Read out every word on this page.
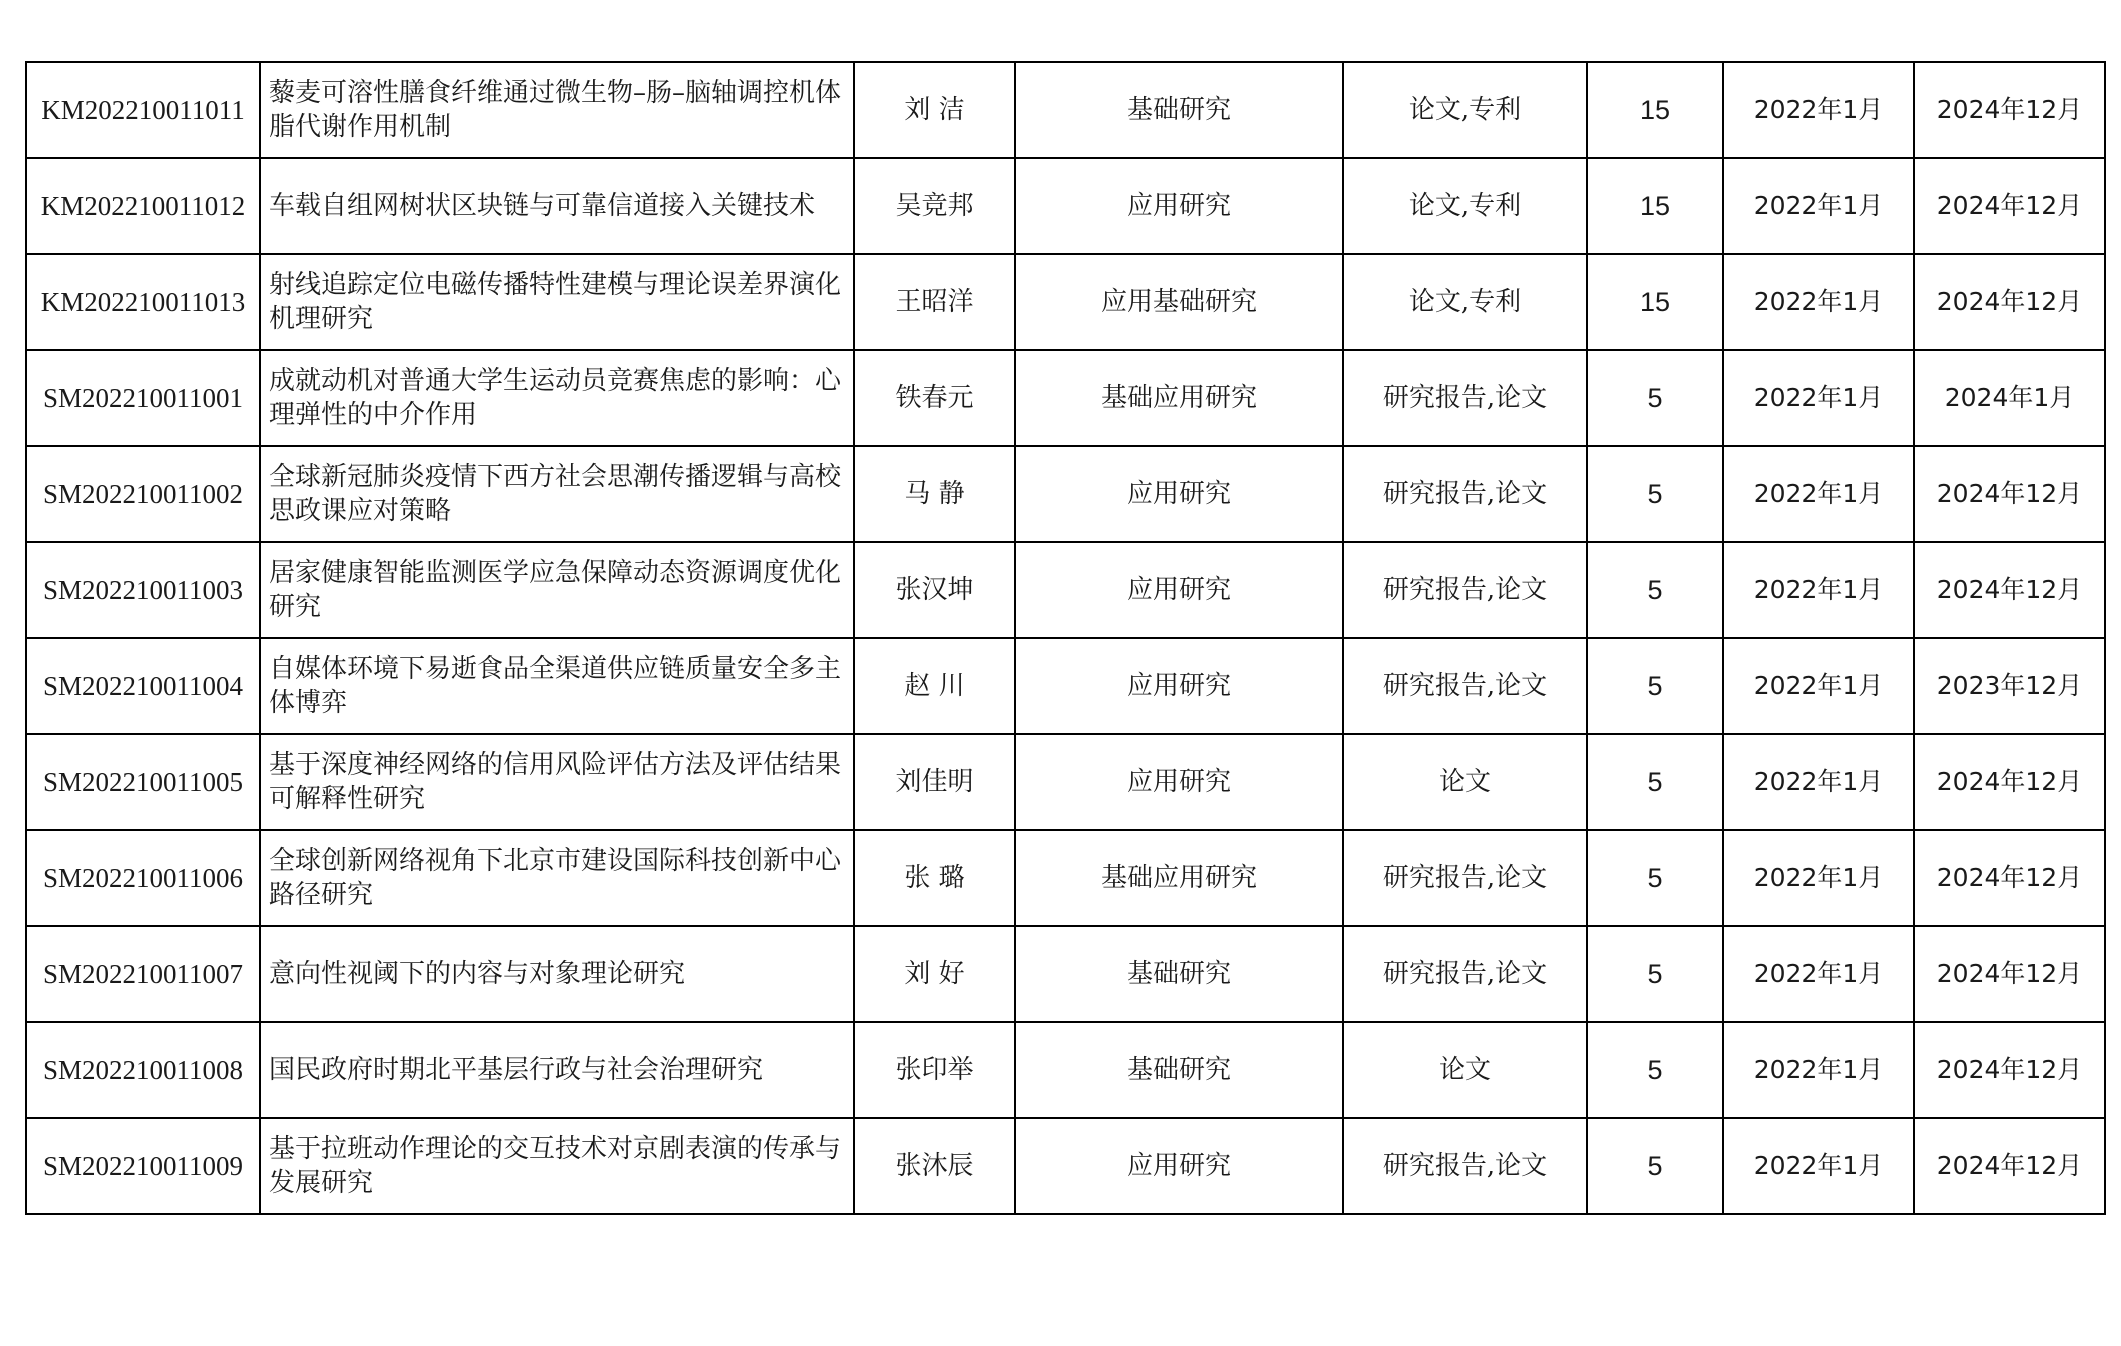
KM202210011011	藜麦可溶性膳食纤维通过微生物–肠–脑轴调控机体脂代谢作用机制	刘 洁	基础研究	论文,专利	15	2022年1月	2024年12月
KM202210011012	车载自组网树状区块链与可靠信道接入关键技术	吴竞邦	应用研究	论文,专利	15	2022年1月	2024年12月
KM202210011013	射线追踪定位电磁传播特性建模与理论误差界演化机理研究	王昭洋	应用基础研究	论文,专利	15	2022年1月	2024年12月
SM202210011001	成就动机对普通大学生运动员竞赛焦虑的影响：心理弹性的中介作用	铁春元	基础应用研究	研究报告,论文	5	2022年1月	2024年1月
SM202210011002	全球新冠肺炎疫情下西方社会思潮传播逻辑与高校思政课应对策略	马 静	应用研究	研究报告,论文	5	2022年1月	2024年12月
SM202210011003	居家健康智能监测医学应急保障动态资源调度优化研究	张汉坤	应用研究	研究报告,论文	5	2022年1月	2024年12月
SM202210011004	自媒体环境下易逝食品全渠道供应链质量安全多主体博弈	赵 川	应用研究	研究报告,论文	5	2022年1月	2023年12月
SM202210011005	基于深度神经网络的信用风险评估方法及评估结果可解释性研究	刘佳明	应用研究	论文	5	2022年1月	2024年12月
SM202210011006	全球创新网络视角下北京市建设国际科技创新中心路径研究	张 璐	基础应用研究	研究报告,论文	5	2022年1月	2024年12月
SM202210011007	意向性视阈下的内容与对象理论研究	刘 好	基础研究	研究报告,论文	5	2022年1月	2024年12月
SM202210011008	国民政府时期北平基层行政与社会治理研究	张印举	基础研究	论文	5	2022年1月	2024年12月
SM202210011009	基于拉班动作理论的交互技术对京剧表演的传承与发展研究	张沐辰	应用研究	研究报告,论文	5	2022年1月	2024年12月
